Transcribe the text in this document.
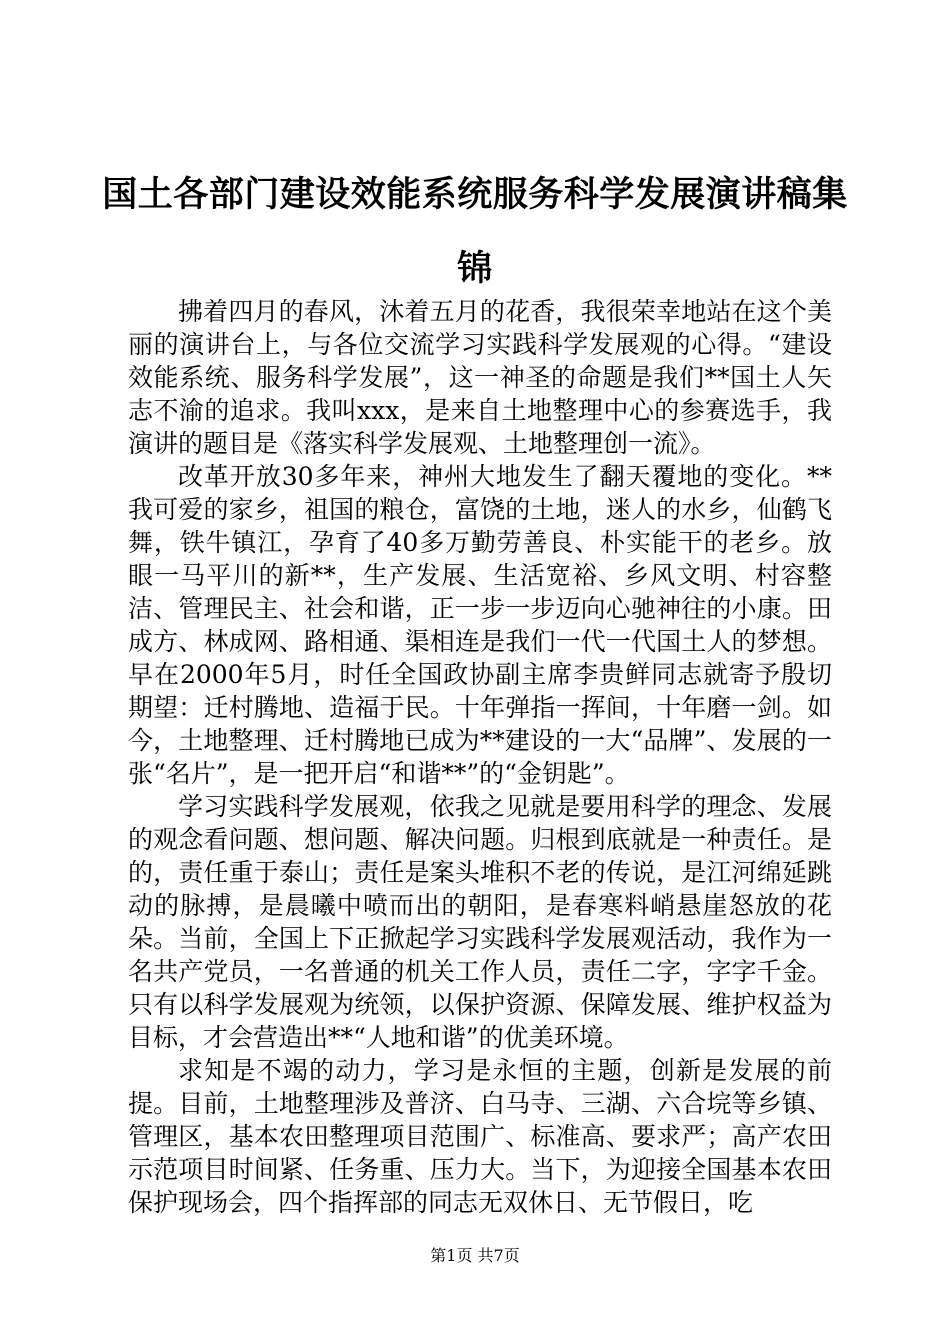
国土各部门建设效能系统服务科学发展演讲稿集锦

拂着四月的春风，沐着五月的花香，我很荣幸地站在这个美丽的演讲台上，与各位交流学习实践科学发展观的心得。“建设效能系统、服务科学发展”，这一神圣的命题是我们**国土人矢志不渝的追求。我叫xxx，是来自土地整理中心的参赛选手，我演讲的题目是《落实科学发展观、土地整理创一流》。

改革开放30多年来，神州大地发生了翻天覆地的变化。**我可爱的家乡，祖国的粮仓，富饶的土地，迷人的水乡，仙鹤飞舞，铁牛镇江，孕育了40多万勤劳善良、朴实能干的老乡。放眼一马平川的新**，生产发展、生活宽裕、乡风文明、村容整洁、管理民主、社会和谐，正一步一步迈向心驰神往的小康。田成方、林成网、路相通、渠相连是我们一代一代国土人的梦想。早在2000年5月，时任全国政协副主席李贵鲜同志就寄予殷切期望：迁村腾地、造福于民。十年弹指一挥间，十年磨一剑。如今，土地整理、迁村腾地已成为**建设的一大“品牌”、发展的一张“名片”，是一把开启“和谐**”的“金钥匙”。

学习实践科学发展观，依我之见就是要用科学的理念、发展的观念看问题、想问题、解决问题。归根到底就是一种责任。是的，责任重于泰山；责任是案头堆积不老的传说，是江河绵延跳动的脉搏，是晨曦中喷而出的朝阳，是春寒料峭悬崖怒放的花朵。当前，全国上下正掀起学习实践科学发展观活动，我作为一名共产党员，一名普通的机关工作人员，责任二字，字字千金。只有以科学发展观为统领，以保护资源、保障发展、维护权益为目标，才会营造出**“人地和谐”的优美环境。

求知是不竭的动力，学习是永恒的主题，创新是发展的前提。目前，土地整理涉及普济、白马寺、三湖、六合垸等乡镇、管理区，基本农田整理项目范围广、标准高、要求严；高产农田示范项目时间紧、任务重、压力大。当下，为迎接全国基本农田保护现场会，四个指挥部的同志无双休日、无节假日，吃

第1页 共7页
